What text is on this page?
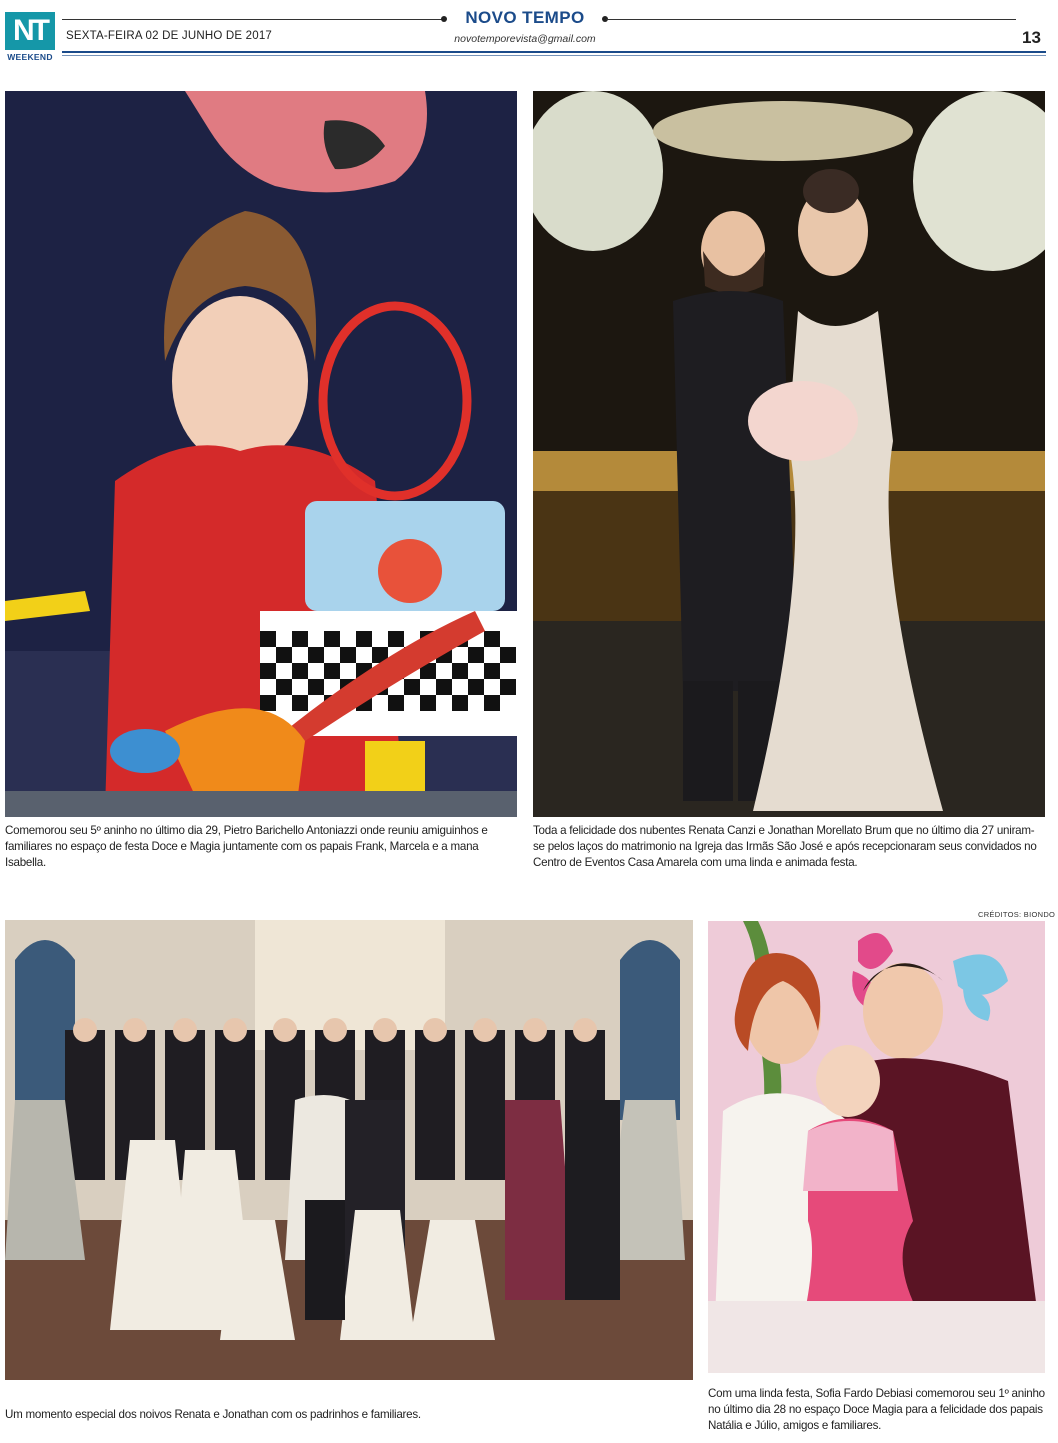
NT
WEEKEND
NOVO TEMPO
SEXTA-FEIRA 02 DE JUNHO DE 2017	novotemporevista@gmail.com	13
Comemorou seu 5º aninho no último dia 29, Pietro Barichello Antoniazzi onde reuniu amiguinhos e familiares no espaço de festa Doce e Magia juntamente com os papais Frank, Marcela e a mana Isabella.
Toda a felicidade dos nubentes Renata Canzi e Jonathan Morellato Brum que no último dia 27 uniram-se pelos laços do matrimonio na Igreja das Irmãs São José e após recepcionaram seus convidados no Centro de Eventos Casa Amarela com uma linda e animada festa.
CRÉDITOS: BIONDO
Um momento especial dos noivos Renata e Jonathan com os padrinhos e familiares.
Com uma linda festa, Sofia Fardo Debiasi comemorou seu 1º aninho no último dia 28 no espaço Doce Magia para a felicidade dos papais Natália e Júlio, amigos e familiares.
